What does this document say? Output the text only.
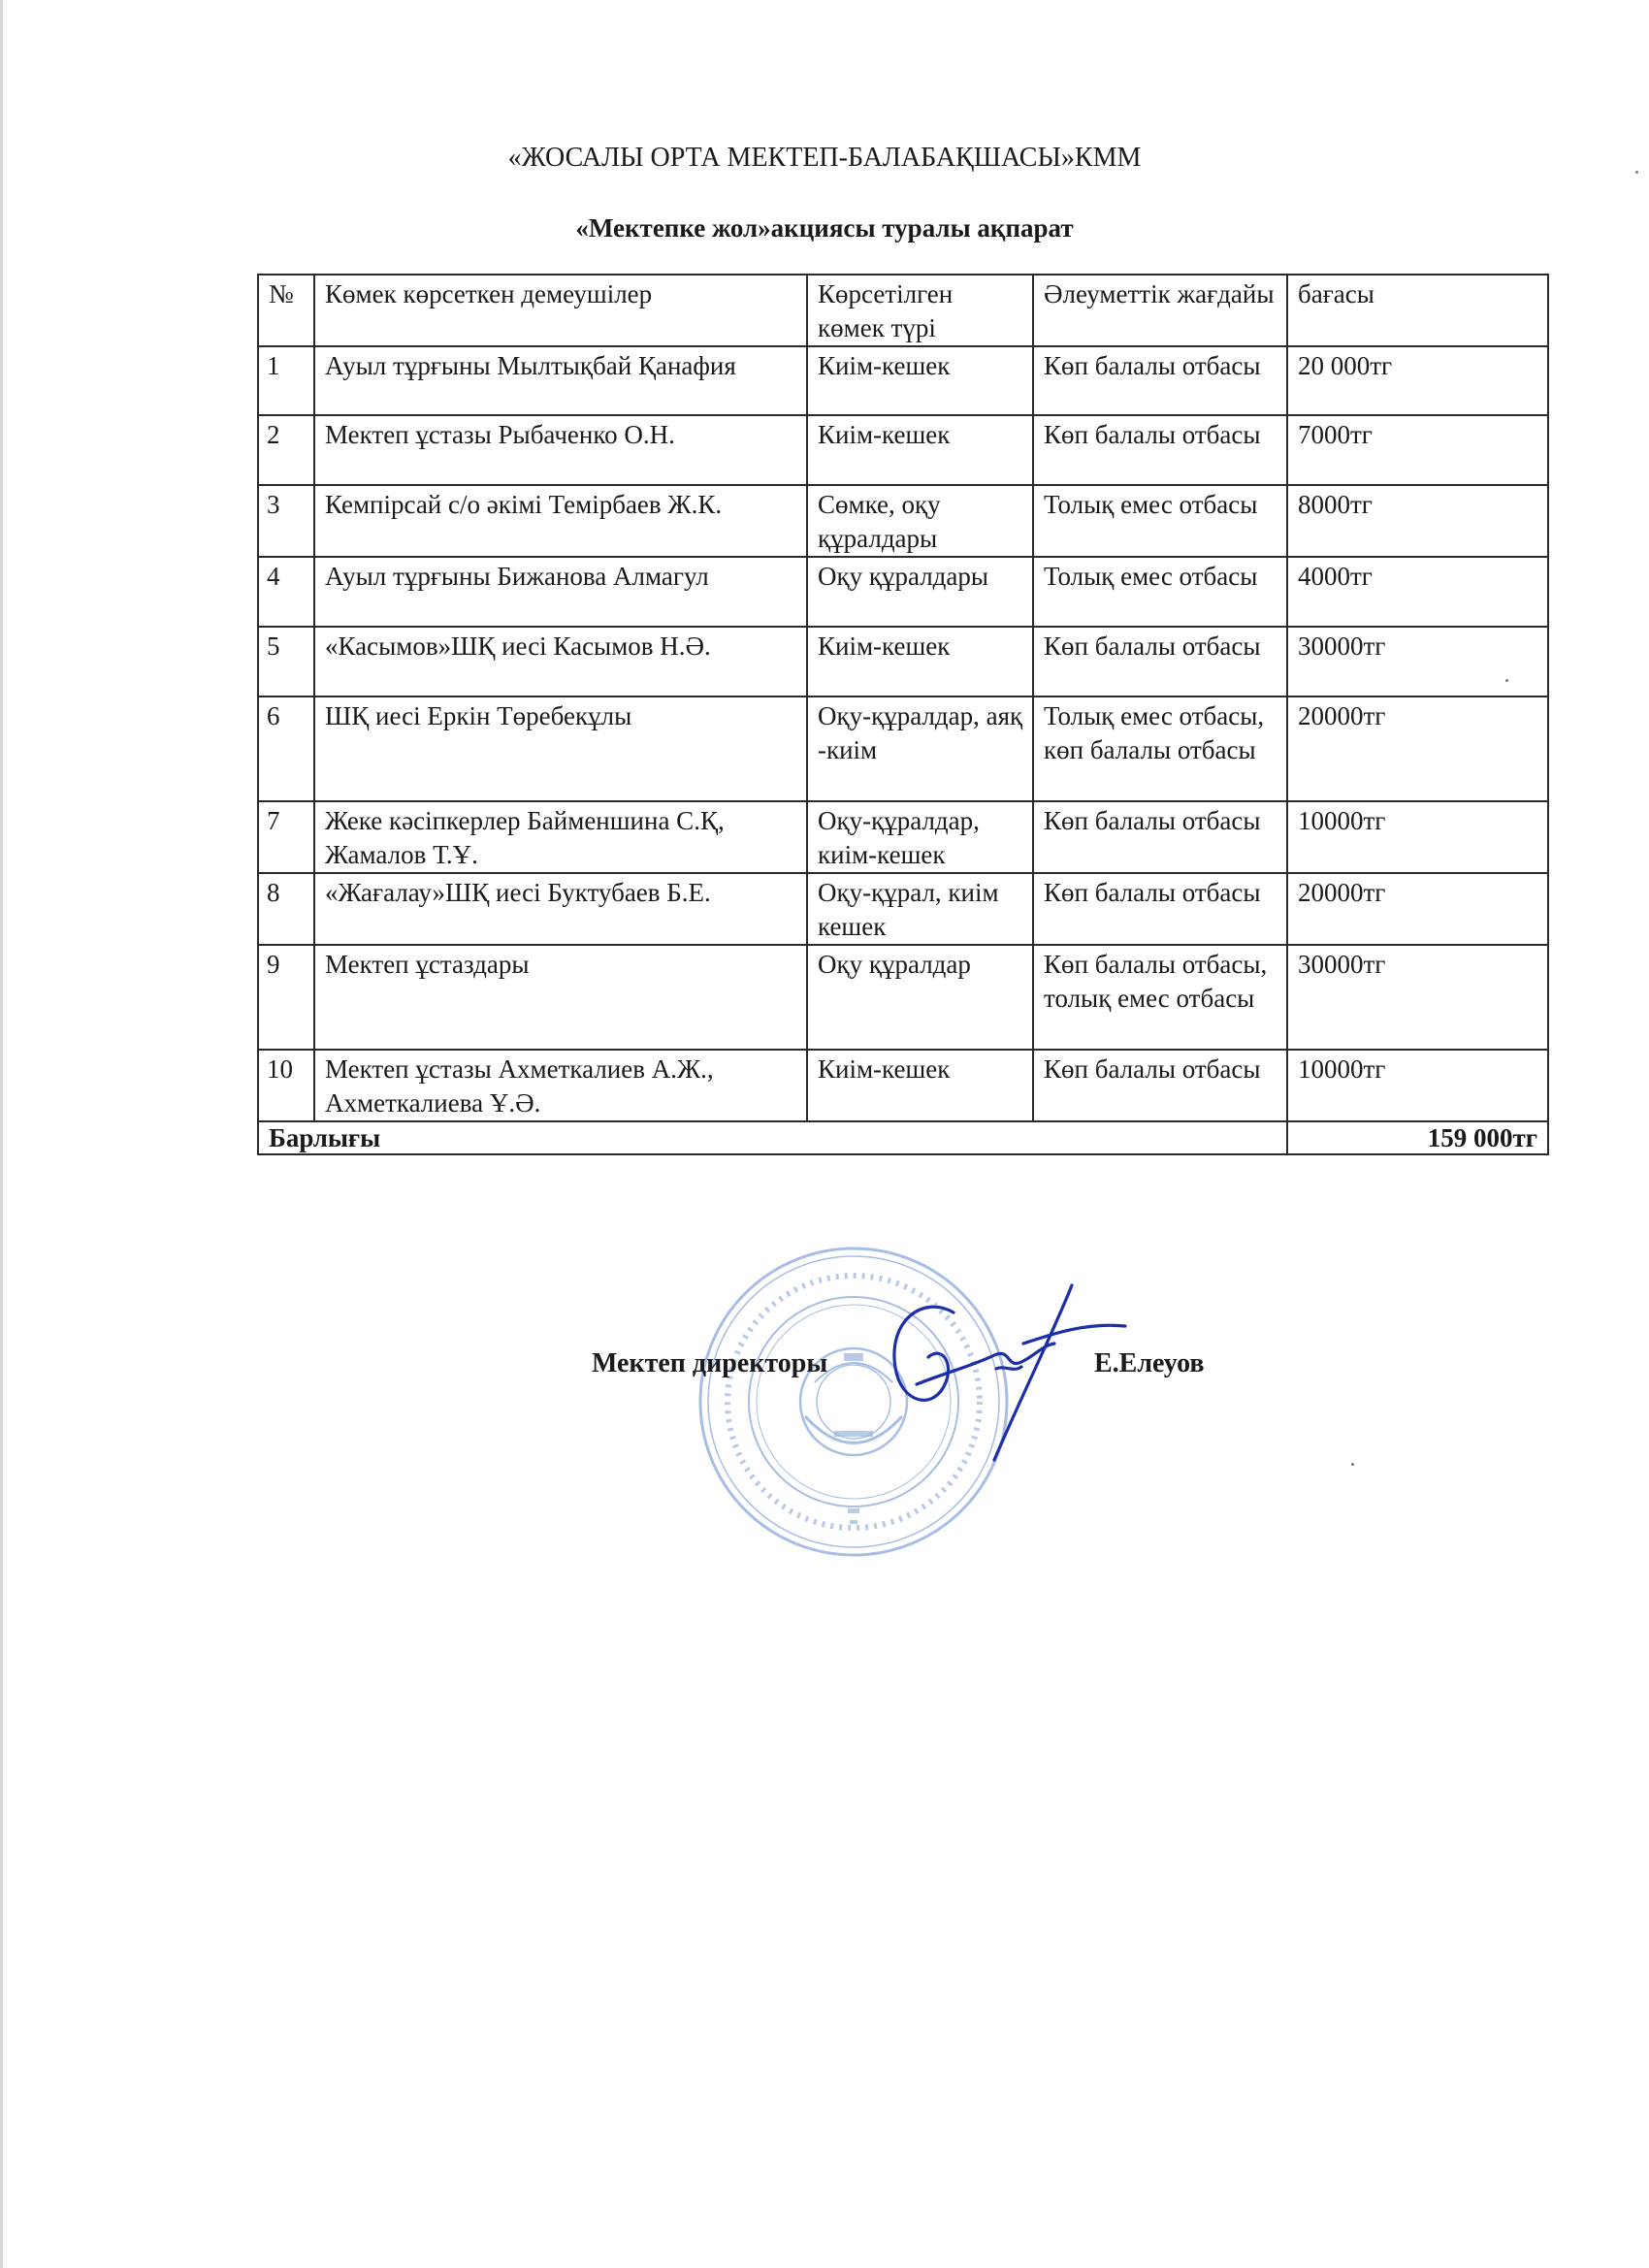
«ЖОСАЛЫ ОРТА МЕКТЕП-БАЛАБАҚШАСЫ»КММ
«Мектепке жол»акциясы туралы ақпарат
№	Көмек көрсеткен демеушілер	Көрсетілген көмек түрі	Әлеуметтік жағдайы	бағасы
1	Ауыл тұрғыны Мылтықбай Қанафия	Киім-кешек	Көп балалы отбасы	20 000тг
2	Мектеп ұстазы Рыбаченко О.Н.	Киім-кешек	Көп балалы отбасы	7000тг
3	Кемпірсай с/о әкімі Темірбаев Ж.К.	Сөмке, оқу құралдары	Толық емес отбасы	8000тг
4	Ауыл тұрғыны Бижанова Алмагул	Оқу құралдары	Толық емес отбасы	4000тг
5	«Касымов»ШҚ иесі Касымов Н.Ә.	Киім-кешек	Көп балалы отбасы	30000тг
6	ШҚ иесі Еркін Төребекұлы	Оқу-құралдар, аяқ -киім	Толық емес отбасы, көп балалы отбасы	20000тг
7	Жеке кәсіпкерлер Байменшина С.Қ, Жамалов Т.Ұ.	Оқу-құралдар, киім-кешек	Көп балалы отбасы	10000тг
8	«Жағалау»ШҚ иесі Буктубаев Б.Е.	Оқу-құрал, киім кешек	Көп балалы отбасы	20000тг
9	Мектеп ұстаздары	Оқу құралдар	Көп балалы отбасы, толық емес отбасы	30000тг
10	Мектеп ұстазы Ахметкалиев А.Ж., Ахметкалиева Ұ.Ә.	Киім-кешек	Көп балалы отбасы	10000тг
Барлығы				159 000тг
Мектеп директоры	Е.Елеуов
